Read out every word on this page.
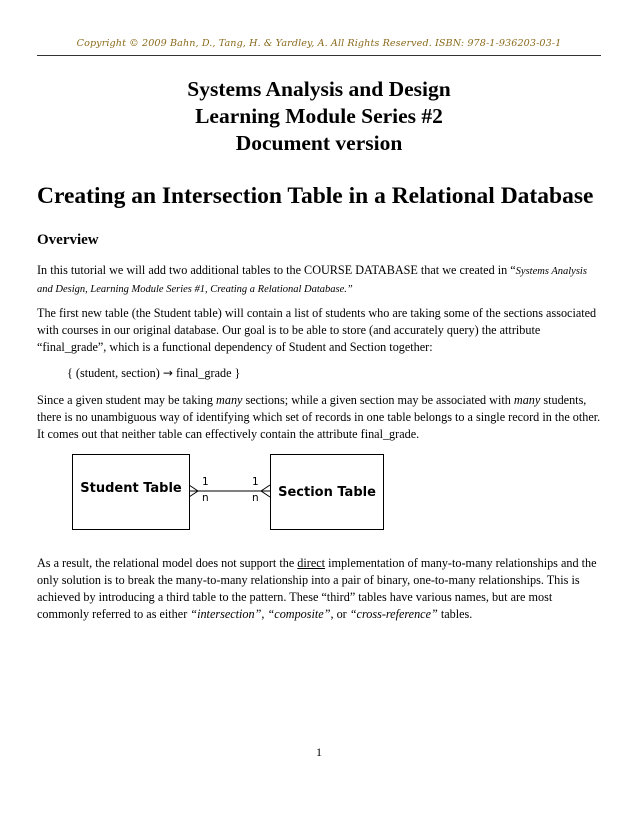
Copyright © 2009 Bahn, D., Tang, H. & Yardley, A. All Rights Reserved. ISBN: 978-1-936203-03-1
Systems Analysis and Design
Learning Module Series #2
Document version
Creating an Intersection Table in a Relational Database
Overview
In this tutorial we will add two additional tables to the COURSE DATABASE that we created in “Systems Analysis and Design, Learning Module Series #1, Creating a Relational Database.”
The first new table (the Student table) will contain a list of students who are taking some of the sections associated with courses in our original database. Our goal is to be able to store (and accurately query) the attribute “final_grade”, which is a functional dependency of Student and Section together:
{ (student, section) → final_grade }
Since a given student may be taking many sections; while a given section may be associated with many students, there is no unambiguous way of identifying which set of records in one table belongs to a single record in the other. It comes out that neither table can effectively contain the attribute final_grade.
Student Table	Section Table
1
n
1
n
As a result, the relational model does not support the direct implementation of many-to-many relationships and the only solution is to break the many-to-many relationship into a pair of binary, one-to-many relationships. This is achieved by introducing a third table to the pattern. These “third” tables have various names, but are most commonly referred to as either “intersection”, “composite”, or “cross-reference” tables.
1
